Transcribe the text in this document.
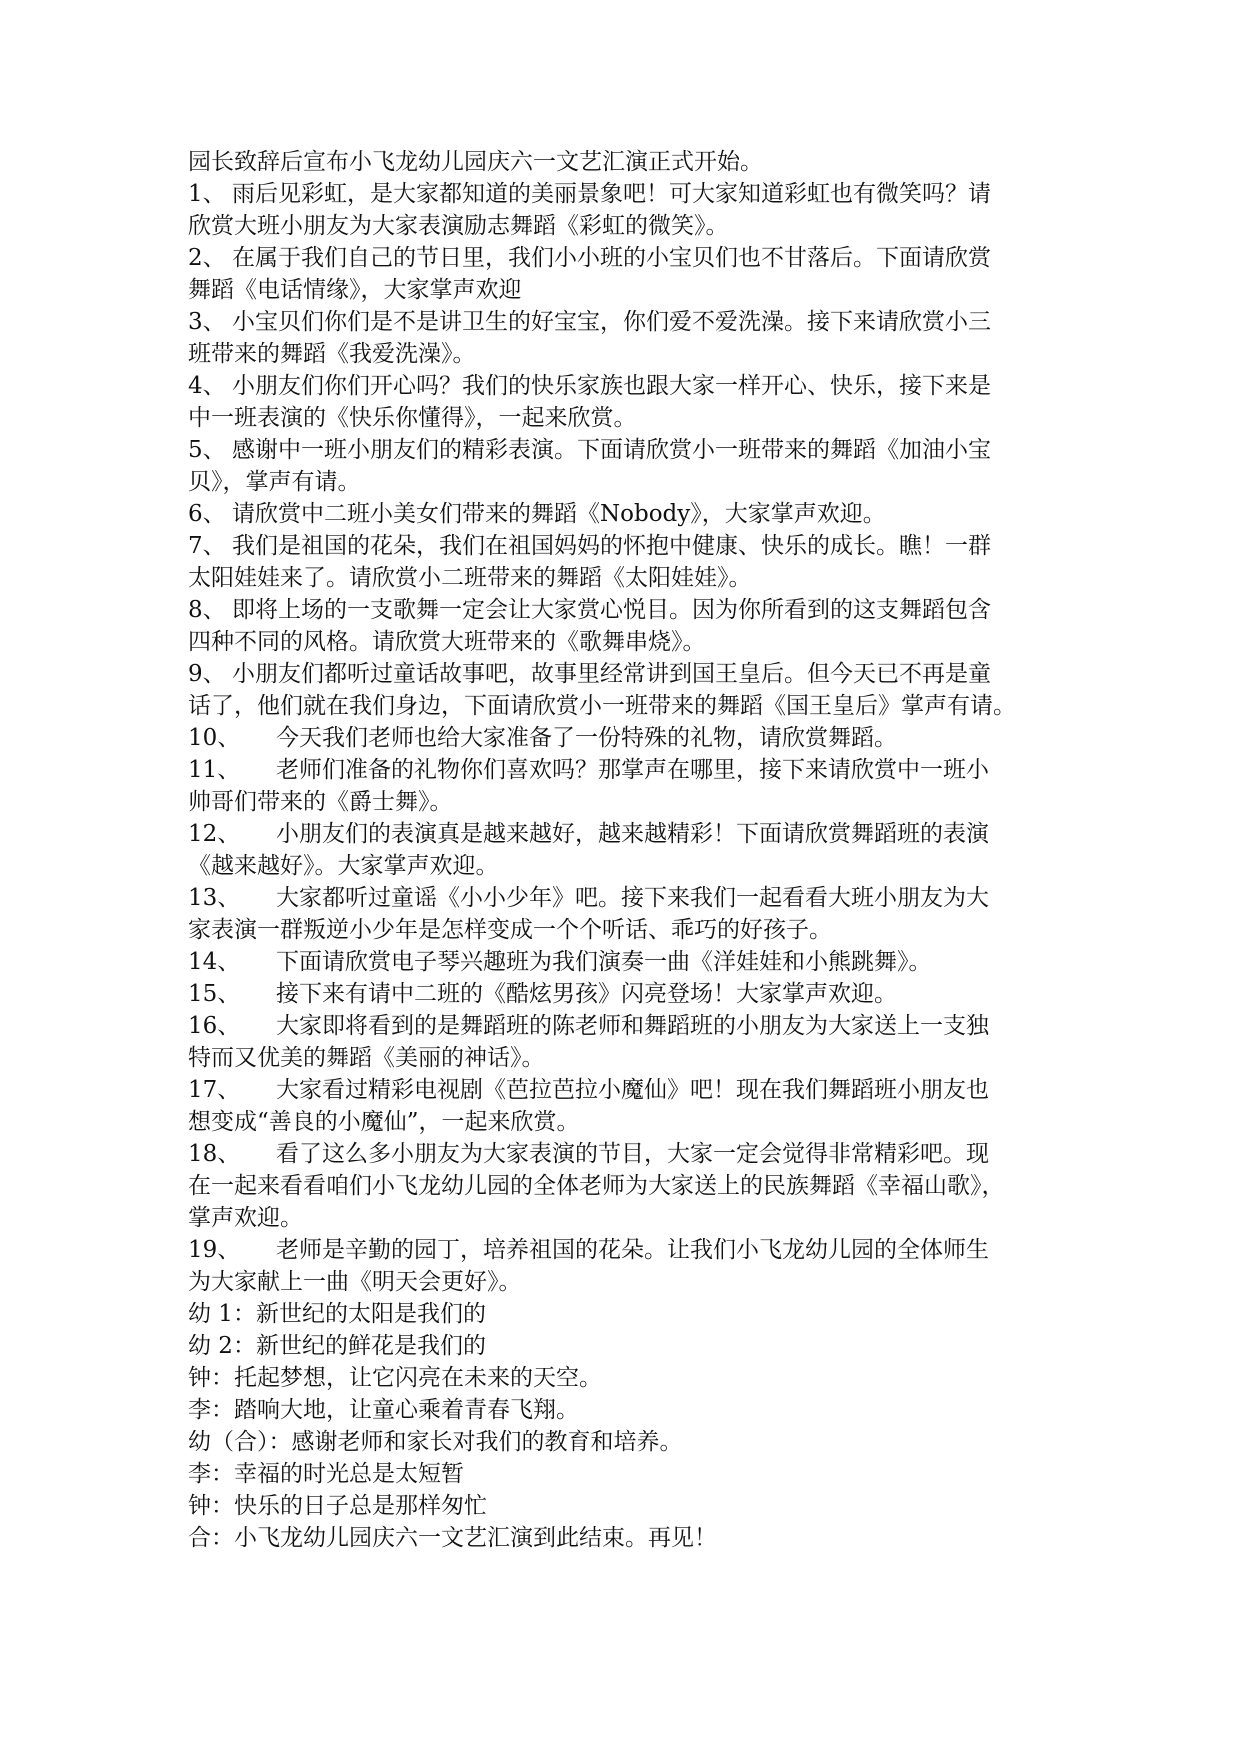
园长致辞后宣布小飞龙幼儿园庆六一文艺汇演正式开始。

1、 雨后见彩虹，是大家都知道的美丽景象吧！可大家知道彩虹也有微笑吗？请

欣赏大班小朋友为大家表演励志舞蹈《彩虹的微笑》。

2、 在属于我们自己的节日里，我们小小班的小宝贝们也不甘落后。下面请欣赏

舞蹈《电话情缘》，大家掌声欢迎

3、 小宝贝们你们是不是讲卫生的好宝宝，你们爱不爱洗澡。接下来请欣赏小三

班带来的舞蹈《我爱洗澡》。

4、 小朋友们你们开心吗？我们的快乐家族也跟大家一样开心、快乐，接下来是

中一班表演的《快乐你懂得》，一起来欣赏。

5、 感谢中一班小朋友们的精彩表演。下面请欣赏小一班带来的舞蹈《加油小宝

贝》，掌声有请。

6、 请欣赏中二班小美女们带来的舞蹈《Nobody》，大家掌声欢迎。

7、 我们是祖国的花朵，我们在祖国妈妈的怀抱中健康、快乐的成长。瞧！一群

太阳娃娃来了。请欣赏小二班带来的舞蹈《太阳娃娃》。

8、 即将上场的一支歌舞一定会让大家赏心悦目。因为你所看到的这支舞蹈包含

四种不同的风格。请欣赏大班带来的《歌舞串烧》。

9、 小朋友们都听过童话故事吧，故事里经常讲到国王皇后。但今天已不再是童

话了，他们就在我们身边，下面请欣赏小一班带来的舞蹈《国王皇后》掌声有请。

10、 今天我们老师也给大家准备了一份特殊的礼物，请欣赏舞蹈。

11、 老师们准备的礼物你们喜欢吗？那掌声在哪里，接下来请欣赏中一班小

帅哥们带来的《爵士舞》。

12、 小朋友们的表演真是越来越好，越来越精彩！下面请欣赏舞蹈班的表演

《越来越好》。大家掌声欢迎。

13、 大家都听过童谣《小小少年》吧。接下来我们一起看看大班小朋友为大

家表演一群叛逆小少年是怎样变成一个个听话、乖巧的好孩子。

14、 下面请欣赏电子琴兴趣班为我们演奏一曲《洋娃娃和小熊跳舞》。

15、 接下来有请中二班的《酷炫男孩》闪亮登场！大家掌声欢迎。

16、 大家即将看到的是舞蹈班的陈老师和舞蹈班的小朋友为大家送上一支独

特而又优美的舞蹈《美丽的神话》。

17、 大家看过精彩电视剧《芭拉芭拉小魔仙》吧！现在我们舞蹈班小朋友也

想变成“善良的小魔仙”，一起来欣赏。

18、 看了这么多小朋友为大家表演的节目，大家一定会觉得非常精彩吧。现

在一起来看看咱们小飞龙幼儿园的全体老师为大家送上的民族舞蹈《幸福山歌》，

掌声欢迎。

19、 老师是辛勤的园丁，培养祖国的花朵。让我们小飞龙幼儿园的全体师生

为大家献上一曲《明天会更好》。

幼 1：新世纪的太阳是我们的

幼 2：新世纪的鲜花是我们的

钟：托起梦想，让它闪亮在未来的天空。

李：踏响大地，让童心乘着青春飞翔。

幼（合）：感谢老师和家长对我们的教育和培养。

李：幸福的时光总是太短暂

钟：快乐的日子总是那样匆忙

合：小飞龙幼儿园庆六一文艺汇演到此结束。再见！
